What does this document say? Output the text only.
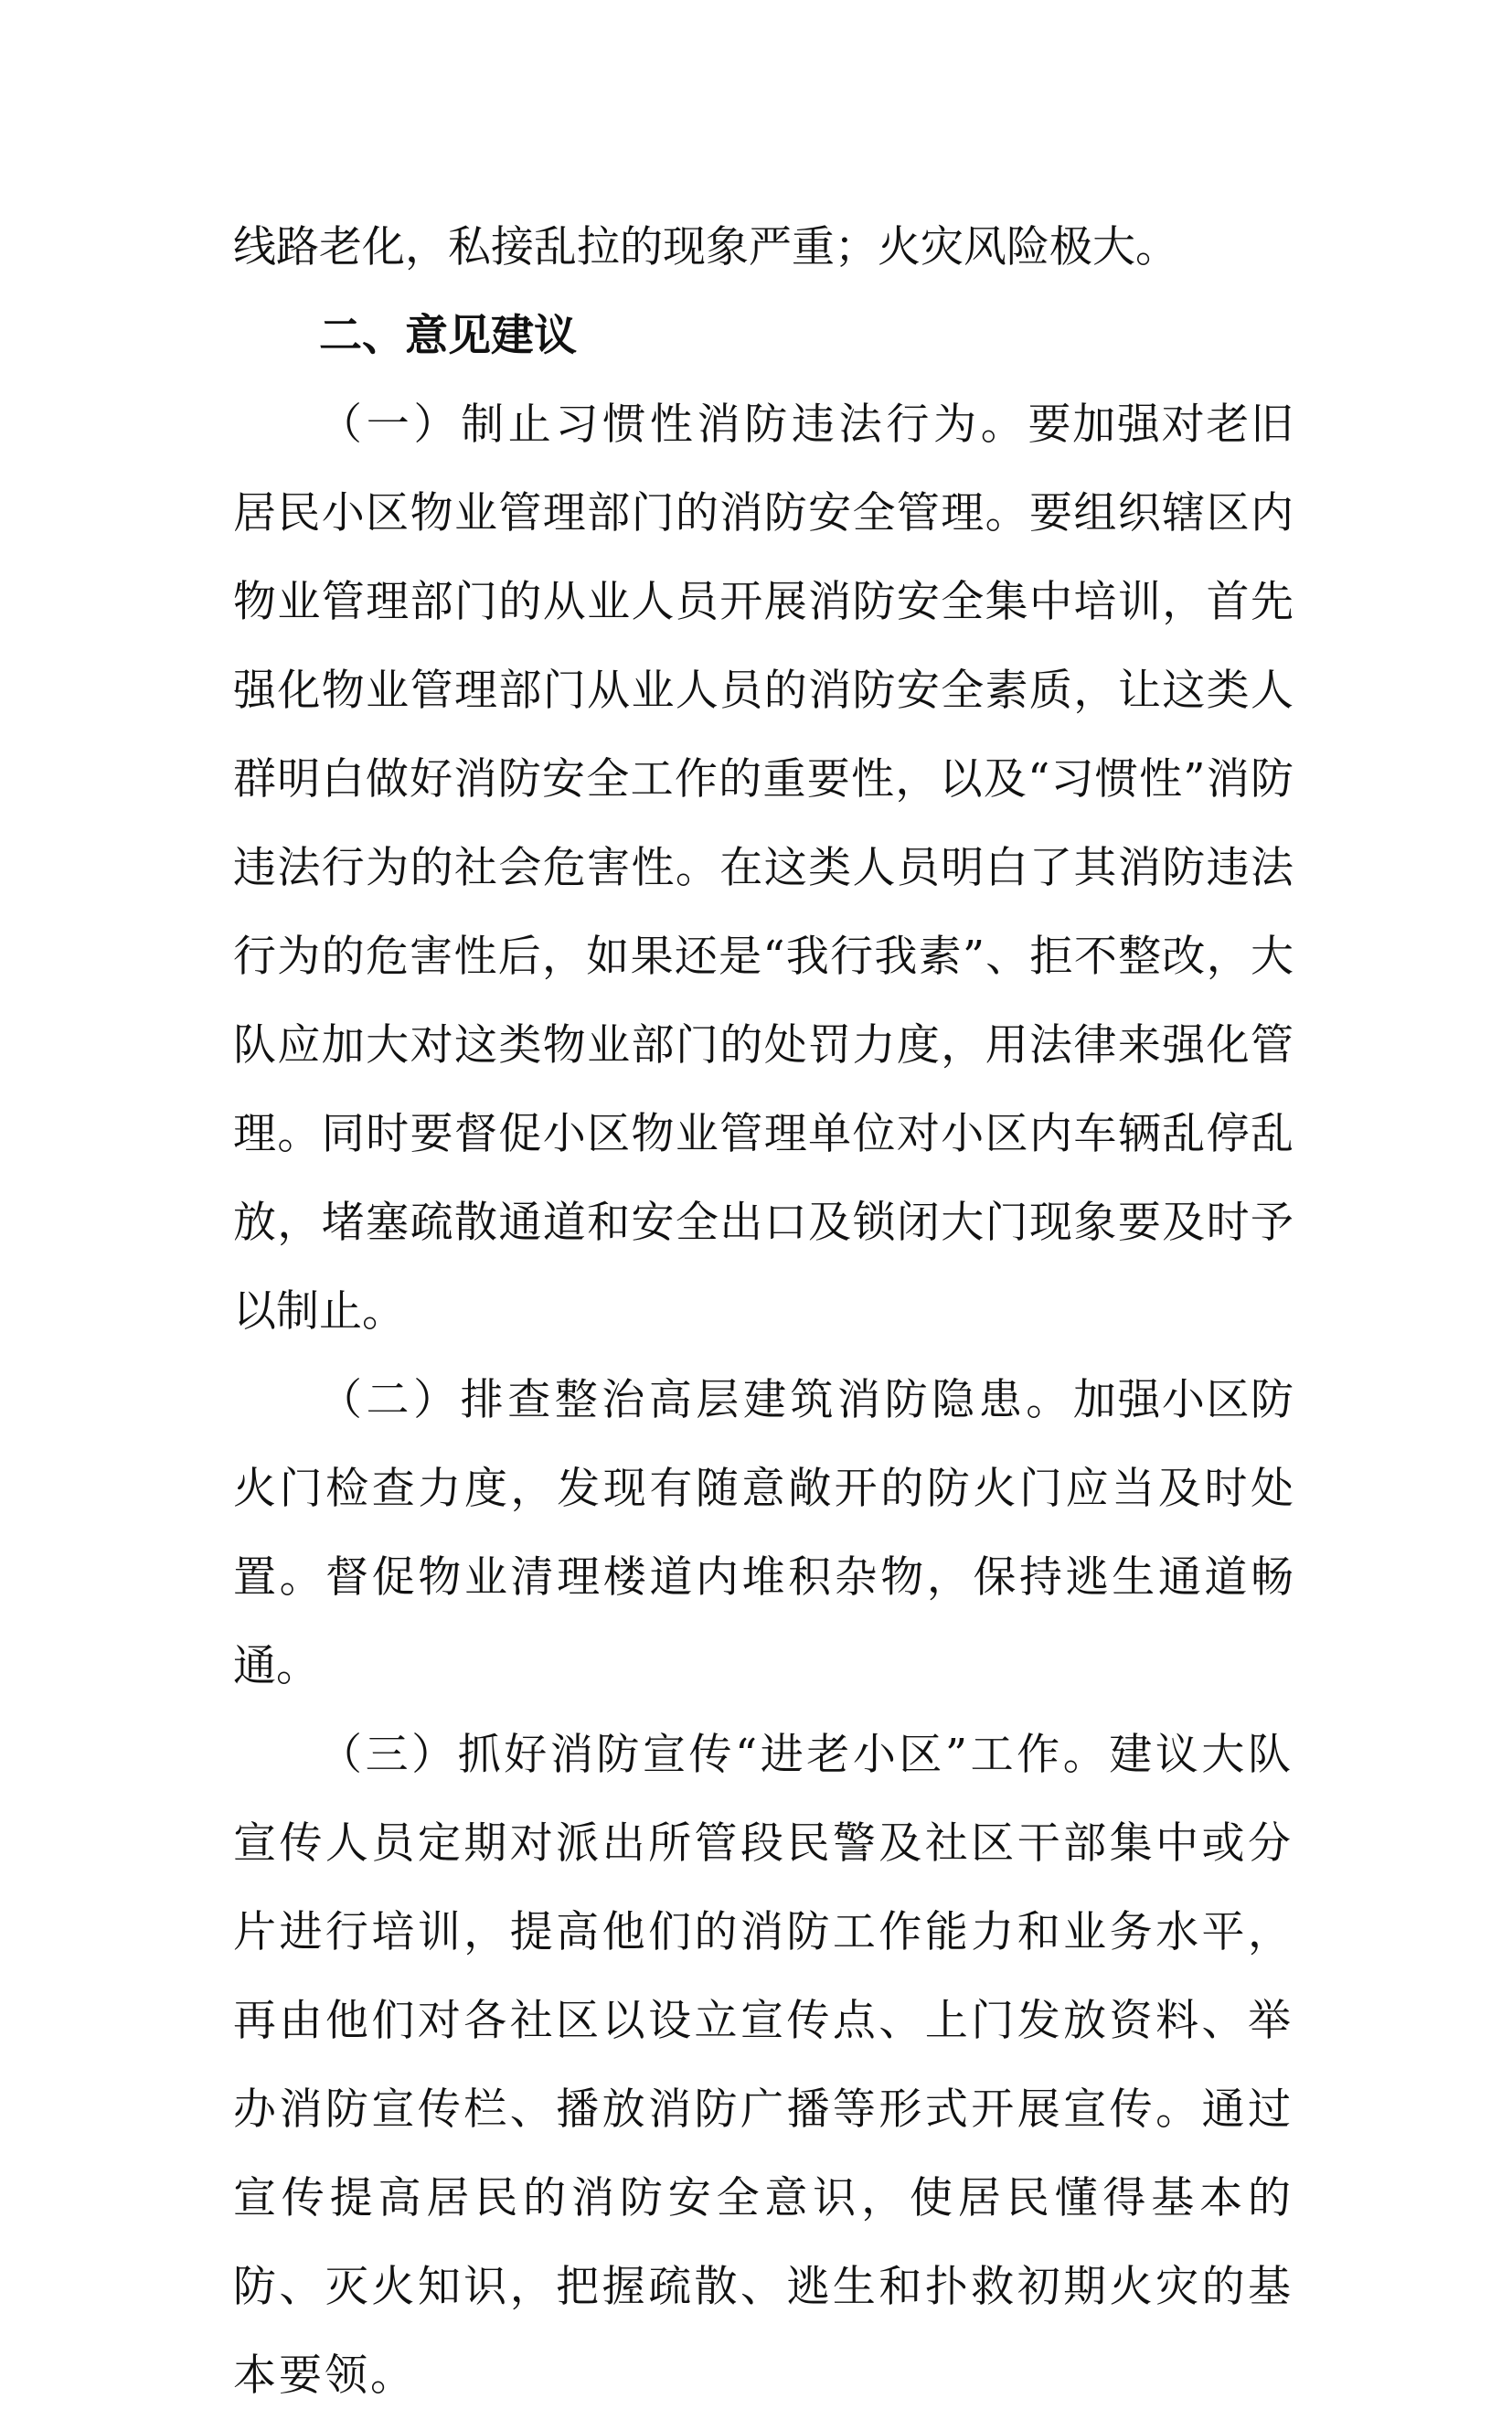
线路老化，私接乱拉的现象严重；火灾风险极大。

二、意见建议

（一）制止习惯性消防违法行为。要加强对老旧居民小区物业管理部门的消防安全管理。要组织辖区内物业管理部门的从业人员开展消防安全集中培训，首先强化物业管理部门从业人员的消防安全素质，让这类人群明白做好消防安全工作的重要性，以及“习惯性”消防违法行为的社会危害性。在这类人员明白了其消防违法行为的危害性后，如果还是“我行我素”、拒不整改，大队应加大对这类物业部门的处罚力度，用法律来强化管理。同时要督促小区物业管理单位对小区内车辆乱停乱放，堵塞疏散通道和安全出口及锁闭大门现象要及时予以制止。

（二）排查整治高层建筑消防隐患。加强小区防火门检查力度，发现有随意敞开的防火门应当及时处置。督促物业清理楼道内堆积杂物，保持逃生通道畅通。

（三）抓好消防宣传“进老小区”工作。建议大队宣传人员定期对派出所管段民警及社区干部集中或分片进行培训，提高他们的消防工作能力和业务水平，再由他们对各社区以设立宣传点、上门发放资料、举办消防宣传栏、播放消防广播等形式开展宣传。通过宣传提高居民的消防安全意识，使居民懂得基本的防、灭火知识，把握疏散、逃生和扑救初期火灾的基本要领。
